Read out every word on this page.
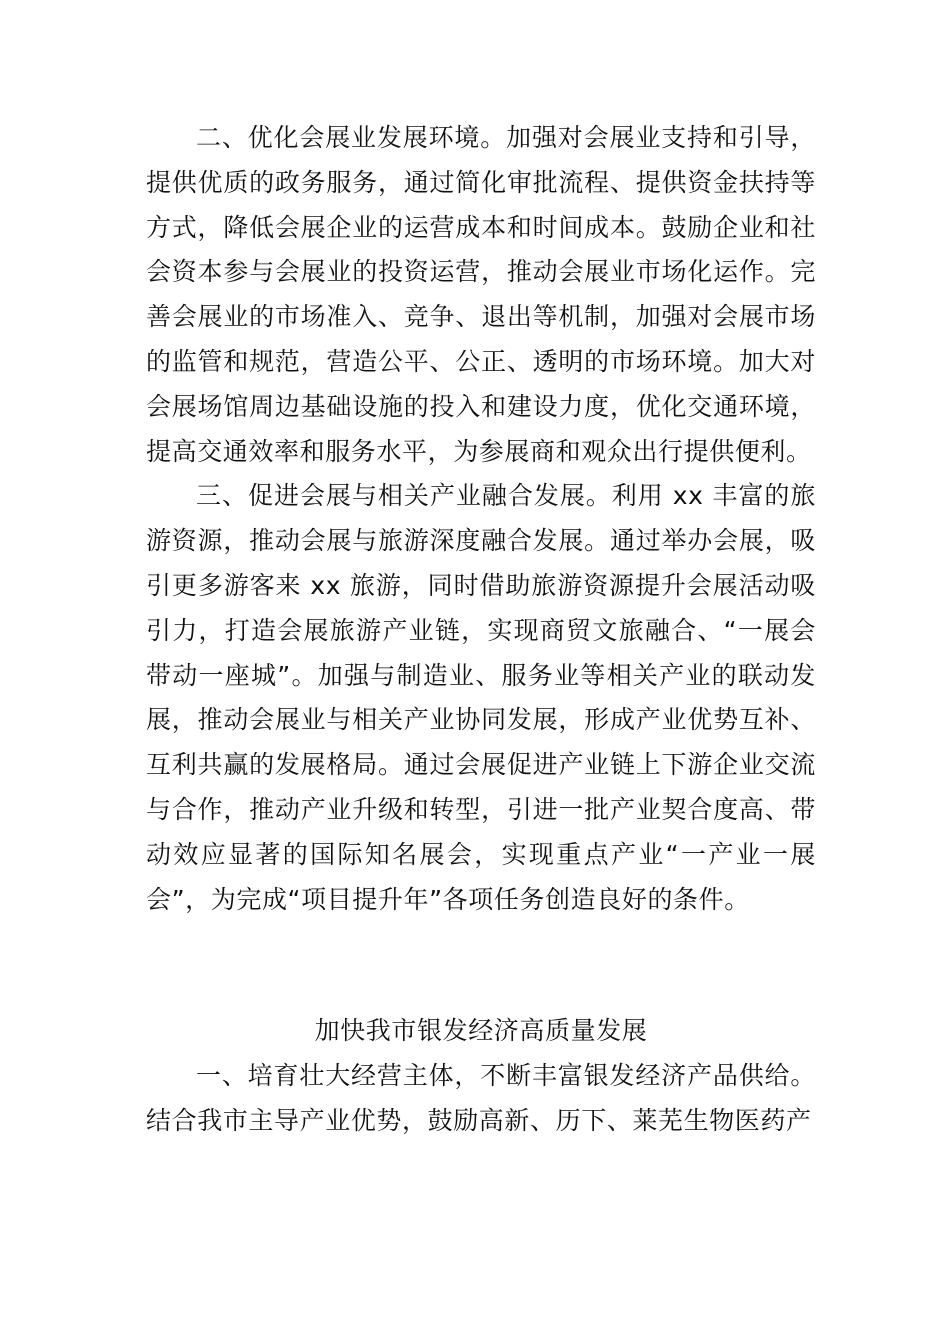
二、优化会展业发展环境。加强对会展业支持和引导，提供优质的政务服务，通过简化审批流程、提供资金扶持等方式，降低会展企业的运营成本和时间成本。鼓励企业和社会资本参与会展业的投资运营，推动会展业市场化运作。完善会展业的市场准入、竞争、退出等机制，加强对会展市场的监管和规范，营造公平、公正、透明的市场环境。加大对会展场馆周边基础设施的投入和建设力度，优化交通环境，提高交通效率和服务水平，为参展商和观众出行提供便利。

三、促进会展与相关产业融合发展。利用 xx 丰富的旅游资源，推动会展与旅游深度融合发展。通过举办会展，吸引更多游客来 xx 旅游，同时借助旅游资源提升会展活动吸引力，打造会展旅游产业链，实现商贸文旅融合、“一展会带动一座城”。加强与制造业、服务业等相关产业的联动发展，推动会展业与相关产业协同发展，形成产业优势互补、互利共赢的发展格局。通过会展促进产业链上下游企业交流与合作，推动产业升级和转型，引进一批产业契合度高、带动效应显著的国际知名展会，实现重点产业“一产业一展会”，为完成“项目提升年”各项任务创造良好的条件。

加快我市银发经济高质量发展

一、培育壮大经营主体，不断丰富银发经济产品供给。结合我市主导产业优势，鼓励高新、历下、莱芜生物医药产
